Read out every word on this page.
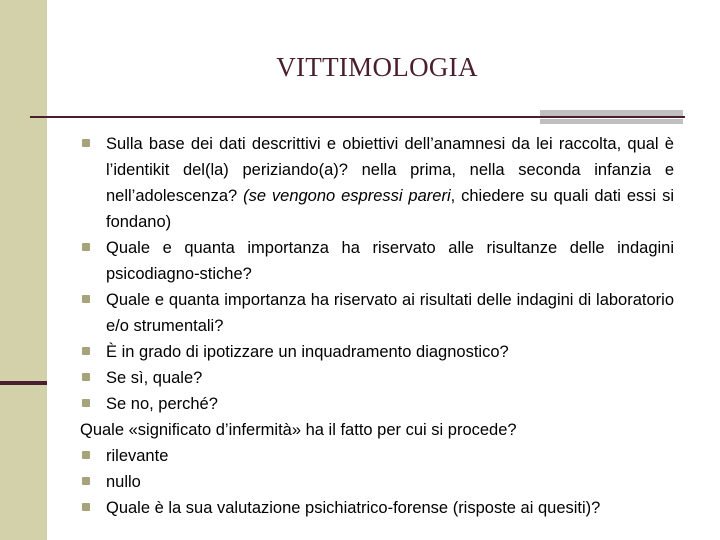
VITTIMOLOGIA
Sulla base dei dati descrittivi e obiettivi dell’anamnesi da lei raccolta, qual è l’identikit del(la) periziando(a)? nella prima, nella seconda infanzia e nell’adolescenza? (se vengono espressi pareri, chiedere su quali dati essi si fondano)
Quale e quanta importanza ha riservato alle risultanze delle indagini psicodiagno-stiche?
Quale e quanta importanza ha riservato ai risultati delle indagini di laboratorio e/o strumentali?
È in grado di ipotizzare un inquadramento diagnostico?
Se sì, quale?
Se no, perché?
Quale «significato d’infermità» ha il fatto per cui si procede?
rilevante
nullo
Quale è la sua valutazione psichiatrico-forense (risposte ai quesiti)?
